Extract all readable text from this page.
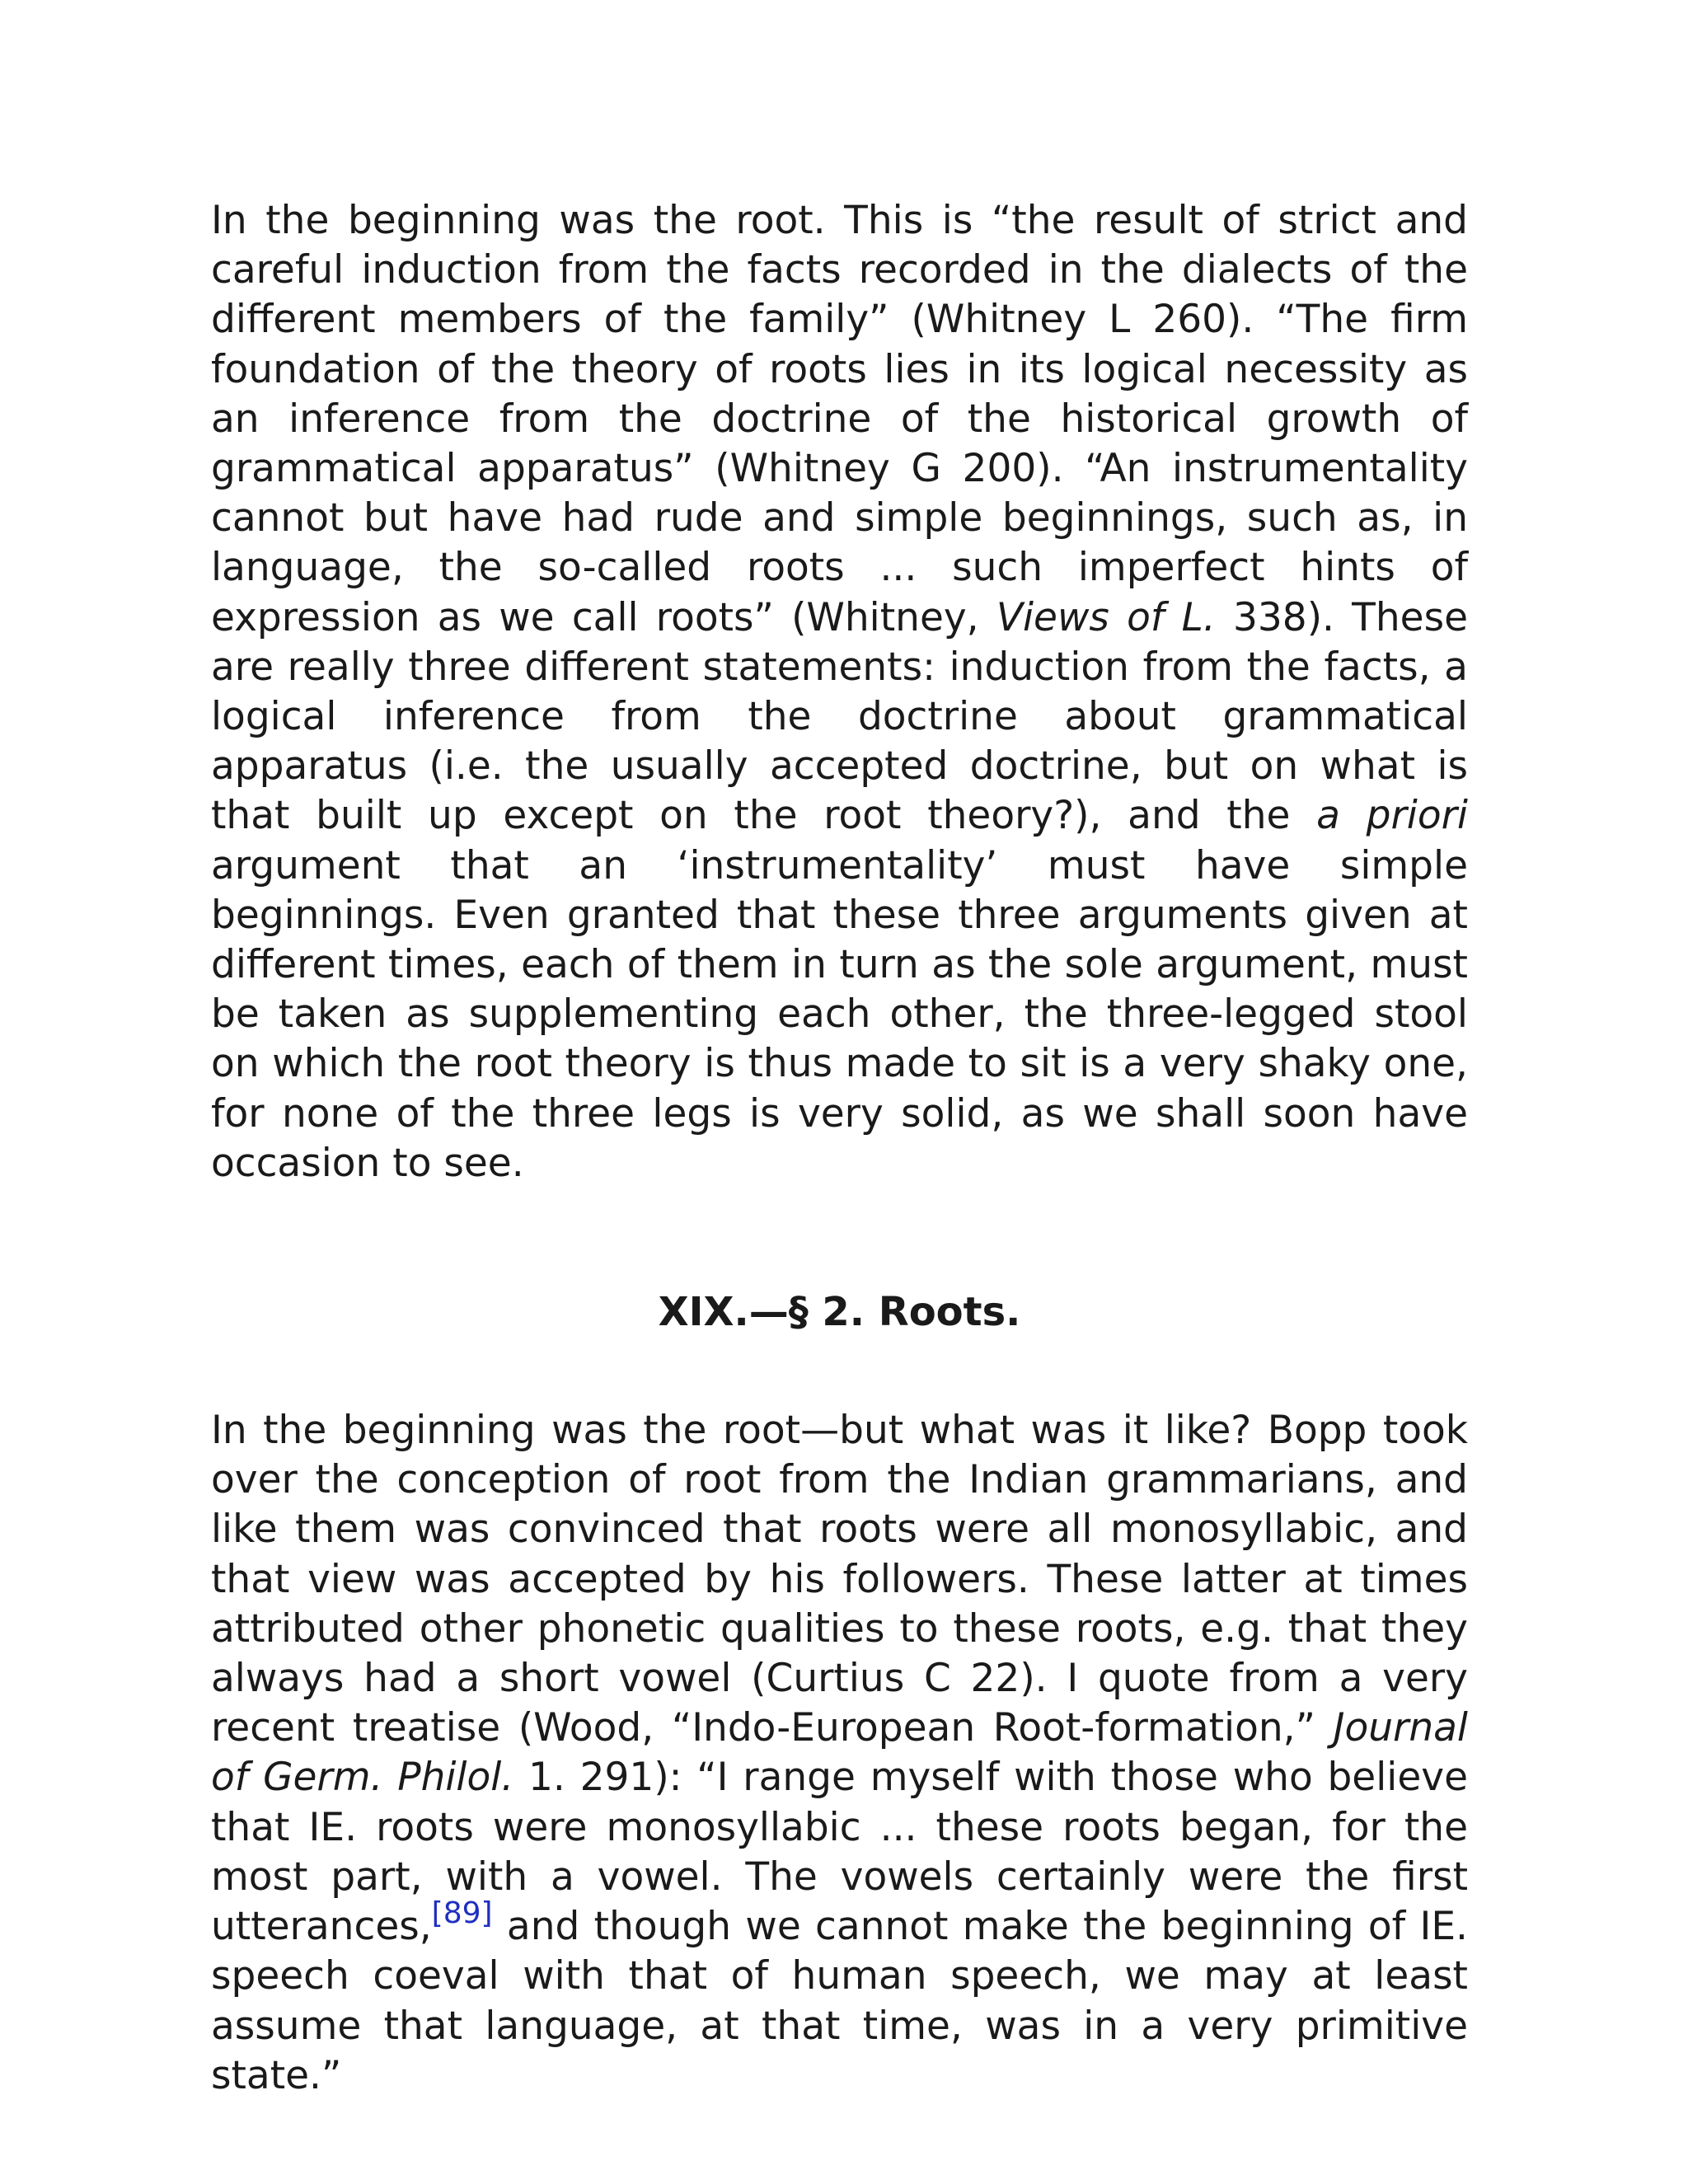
In the beginning was the root. This is “the result of strict and careful induction from the facts recorded in the dialects of the different members of the family” (Whitney L 260). “The firm foundation of the theory of roots lies in its logical necessity as an inference from the doctrine of the historical growth of grammatical apparatus” (Whitney G 200). “An instrumentality cannot but have had rude and simple beginnings, such as, in language, the so-called roots ... such imperfect hints of expression as we call roots” (Whitney, Views of L. 338). These are really three different statements: induction from the facts, a logical inference from the doctrine about grammatical apparatus (i.e. the usually accepted doctrine, but on what is that built up except on the root theory?), and the a priori argument that an ‘instrumentality’ must have simple beginnings. Even granted that these three arguments given at different times, each of them in turn as the sole argument, must be taken as supplementing each other, the three-legged stool on which the root theory is thus made to sit is a very shaky one, for none of the three legs is very solid, as we shall soon have occasion to see.

XIX.—§ 2. Roots.

In the beginning was the root—but what was it like? Bopp took over the conception of root from the Indian grammarians, and like them was convinced that roots were all monosyllabic, and that view was accepted by his followers. These latter at times attributed other phonetic qualities to these roots, e.g. that they always had a short vowel (Curtius C 22). I quote from a very recent treatise (Wood, “Indo-European Root-formation,” Journal of Germ. Philol. 1. 291): “I range myself with those who believe that IE. roots were monosyllabic ... these roots began, for the most part, with a vowel. The vowels certainly were the first utterances,[89] and though we cannot make the beginning of IE. speech coeval with that of human speech, we may at least assume that language, at that time, was in a very primitive state.”
